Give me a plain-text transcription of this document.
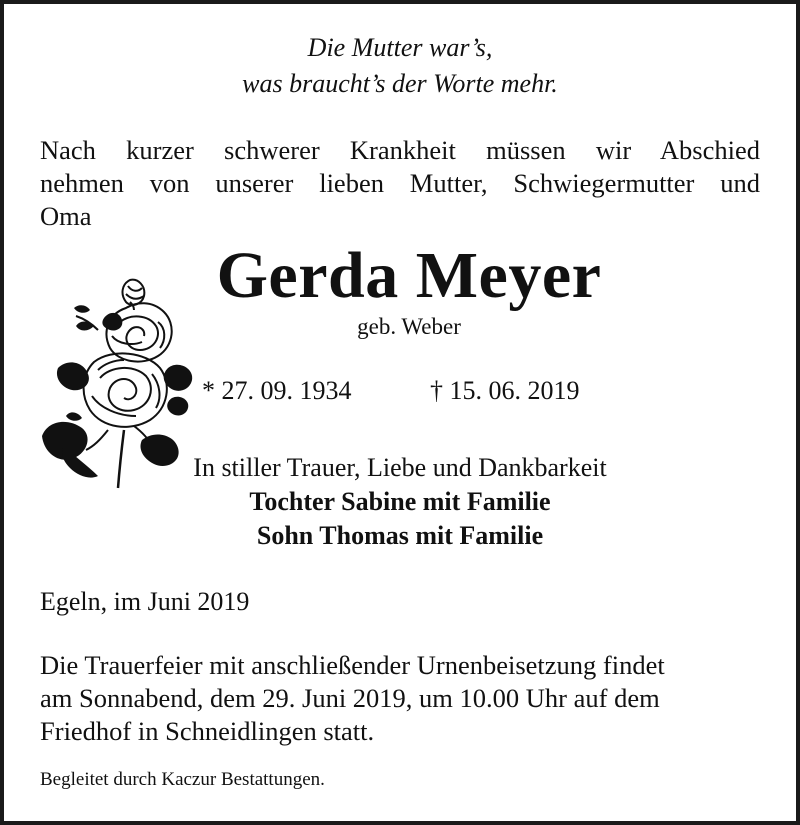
Die Mutter war’s,
was braucht’s der Worte mehr.
Nach kurzer schwerer Krankheit müssen wir Abschied
nehmen von unserer lieben Mutter, Schwiegermutter und
Oma
Gerda Meyer
geb. Weber
* 27. 09. 1934	† 15. 06. 2019
In stiller Trauer, Liebe und Dankbarkeit
Tochter Sabine mit Familie
Sohn Thomas mit Familie
Egeln, im Juni 2019
Die Trauerfeier mit anschließender Urnenbeisetzung findet
am Sonnabend, dem 29. Juni 2019, um 10.00 Uhr auf dem
Friedhof in Schneidlingen statt.
Begleitet durch Kaczur Bestattungen.
